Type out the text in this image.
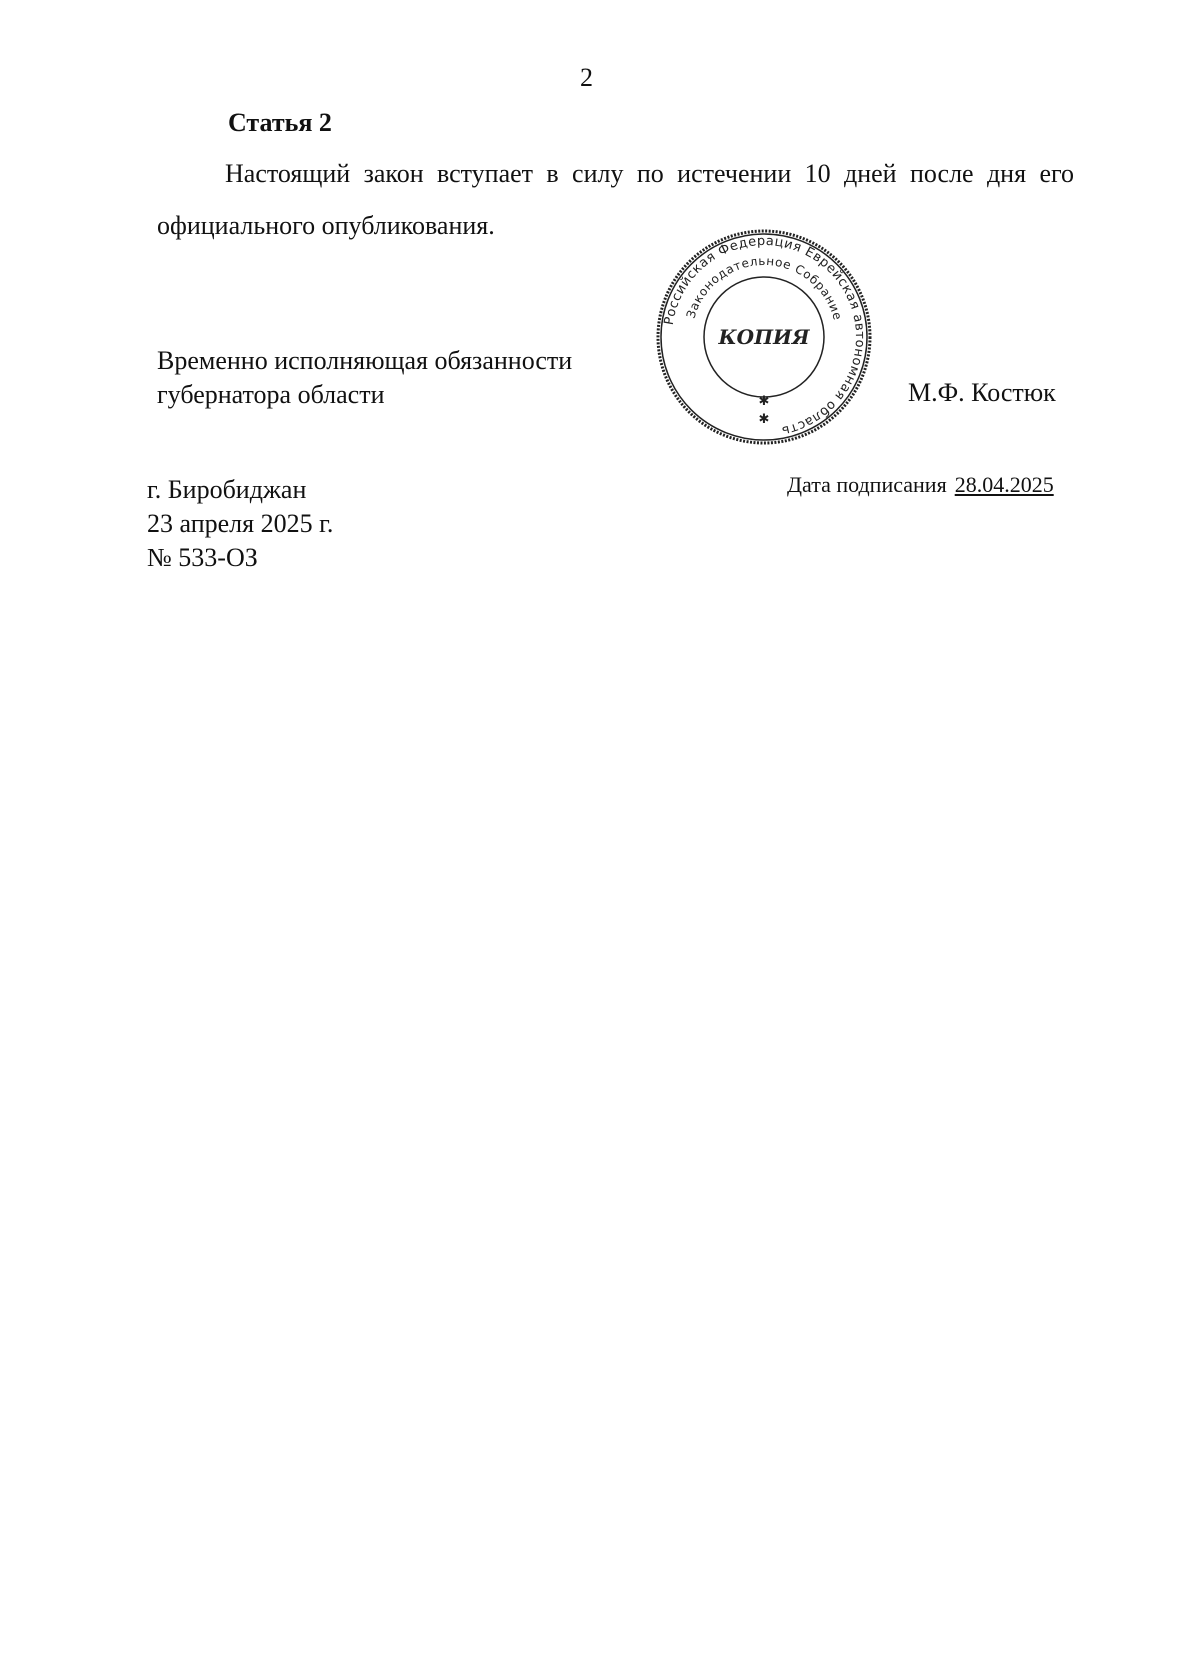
2
Статья 2

Настоящий закон вступает в силу по истечении 10 дней после дня его официального опубликования.

Временно исполняющая обязанности
губернатора области
Российская Федерация Еврейская автономная область
Законодательное Собрание
КОПИЯ
✱
✱
М.Ф. Костюк
г. Биробиджан
23 апреля 2025 г.
№ 533-ОЗ
Дата подписания 28.04.2025
